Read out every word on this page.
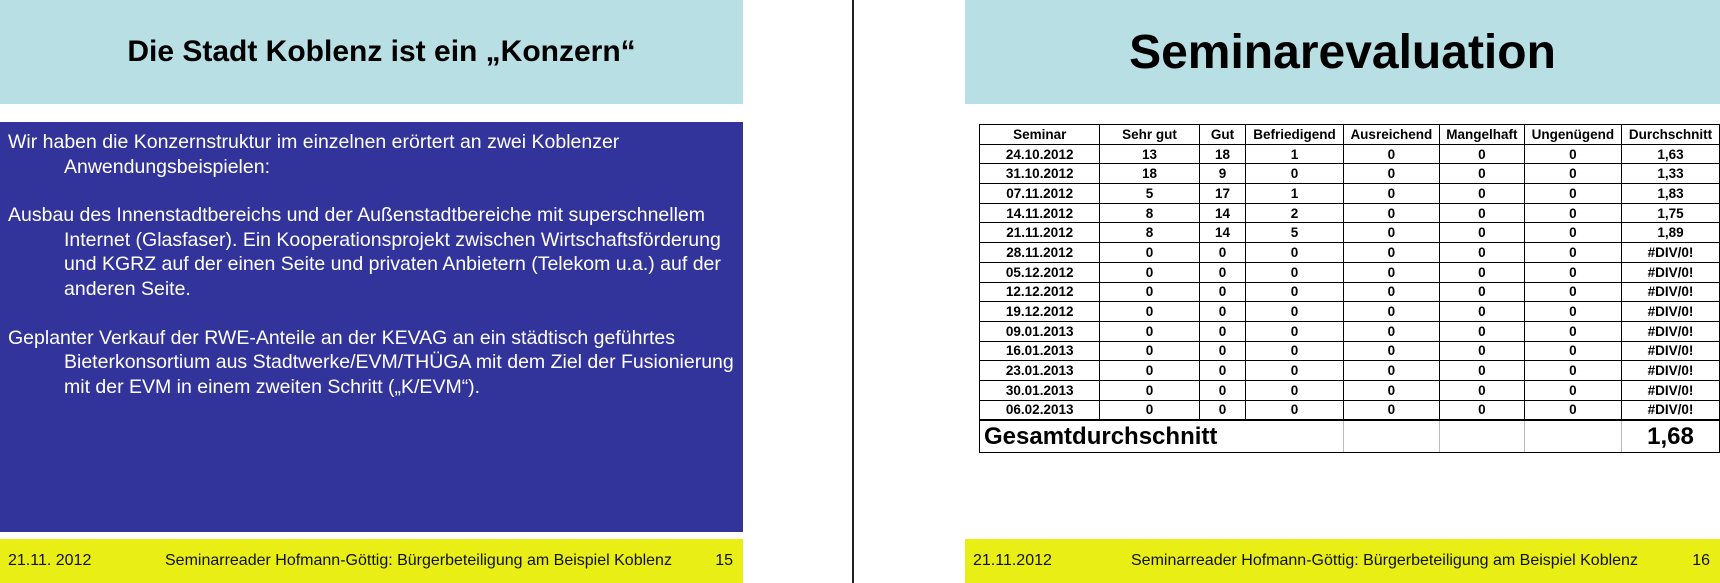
Die Stadt Koblenz ist ein „Konzern“
Wir haben die Konzernstruktur im einzelnen erörtert an zwei Koblenzer Anwendungsbeispielen:
Ausbau des Innenstadtbereichs und der Außenstadtbereiche mit superschnellem Internet (Glasfaser). Ein Kooperationsprojekt zwischen Wirtschaftsförderung und KGRZ auf der einen Seite und privaten Anbietern (Telekom u.a.) auf der anderen Seite.
Geplanter Verkauf der RWE-Anteile an der KEVAG an ein städtisch geführtes Bieterkonsortium aus Stadtwerke/EVM/THÜGA mit dem Ziel der Fusionierung mit der EVM in einem zweiten Schritt („K/EVM“).
21.11. 2012	Seminarreader Hofmann-Göttig: Bürgerbeteiligung am Beispiel Koblenz	15
Seminarevaluation
Seminar	Sehr gut	Gut	Befriedigend	Ausreichend	Mangelhaft	Ungenügend	Durchschnitt
24.10.2012	13	18	1	0	0	0	1,63
31.10.2012	18	9	0	0	0	0	1,33
07.11.2012	5	17	1	0	0	0	1,83
14.11.2012	8	14	2	0	0	0	1,75
21.11.2012	8	14	5	0	0	0	1,89
28.11.2012	0	0	0	0	0	0	#DIV/0!
05.12.2012	0	0	0	0	0	0	#DIV/0!
12.12.2012	0	0	0	0	0	0	#DIV/0!
19.12.2012	0	0	0	0	0	0	#DIV/0!
09.01.2013	0	0	0	0	0	0	#DIV/0!
16.01.2013	0	0	0	0	0	0	#DIV/0!
23.01.2013	0	0	0	0	0	0	#DIV/0!
30.01.2013	0	0	0	0	0	0	#DIV/0!
06.02.2013	0	0	0	0	0	0	#DIV/0!
Gesamtdurchschnitt							1,68
21.11.2012	Seminarreader Hofmann-Göttig: Bürgerbeteiligung am Beispiel Koblenz	16
